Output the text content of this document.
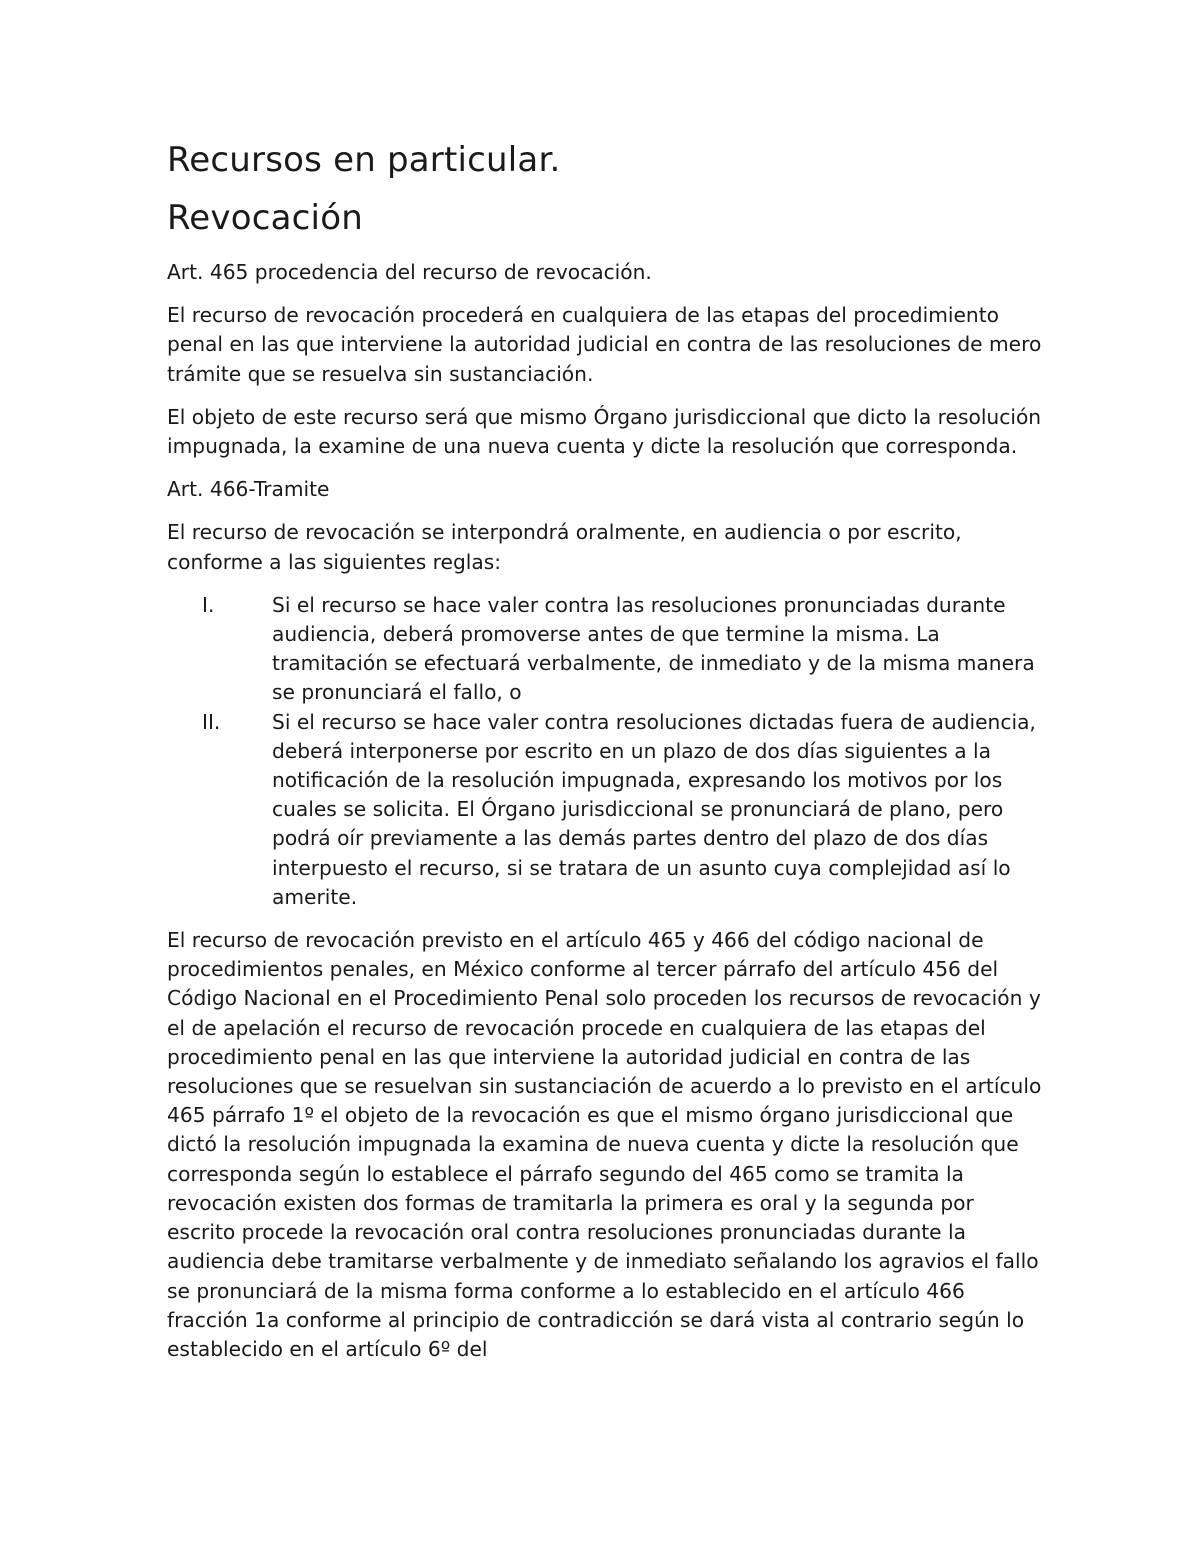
Recursos en particular.
Revocación

Art. 465 procedencia del recurso de revocación.

El recurso de revocación procederá en cualquiera de las etapas del procedimiento penal en las que interviene la autoridad judicial en contra de las resoluciones de mero trámite que se resuelva sin sustanciación.

El objeto de este recurso será que mismo Órgano jurisdiccional que dicto la resolución impugnada, la examine de una nueva cuenta y dicte la resolución que corresponda.

Art. 466-Tramite

El recurso de revocación se interpondrá oralmente, en audiencia o por escrito, conforme a las siguientes reglas:

I.	Si el recurso se hace valer contra las resoluciones pronunciadas durante audiencia, deberá promoverse antes de que termine la misma. La tramitación se efectuará verbalmente, de inmediato y de la misma manera se pronunciará el fallo, o
II.	Si el recurso se hace valer contra resoluciones dictadas fuera de audiencia, deberá interponerse por escrito en un plazo de dos días siguientes a la notificación de la resolución impugnada, expresando los motivos por los cuales se solicita. El Órgano jurisdiccional se pronunciará de plano, pero podrá oír previamente a las demás partes dentro del plazo de dos días interpuesto el recurso, si se tratara de un asunto cuya complejidad así lo amerite.

El recurso de revocación previsto en el artículo 465 y 466 del código nacional de procedimientos penales, en México conforme al tercer párrafo del artículo 456 del Código Nacional en el Procedimiento Penal solo proceden los recursos de revocación y el de apelación el recurso de revocación procede en cualquiera de las etapas del procedimiento penal en las que interviene la autoridad judicial en contra de las resoluciones que se resuelvan sin sustanciación de acuerdo a lo previsto en el artículo 465 párrafo 1º el objeto de la revocación es que el mismo órgano jurisdiccional que dictó la resolución impugnada la examina de nueva cuenta y dicte la resolución que corresponda según lo establece el párrafo segundo del 465 como se tramita la revocación existen dos formas de tramitarla la primera es oral y la segunda por escrito procede la revocación oral contra resoluciones pronunciadas durante la audiencia debe tramitarse verbalmente y de inmediato señalando los agravios el fallo se pronunciará de la misma forma conforme a lo establecido en el artículo 466 fracción 1a conforme al principio de contradicción se dará vista al contrario según lo establecido en el artículo 6º del
